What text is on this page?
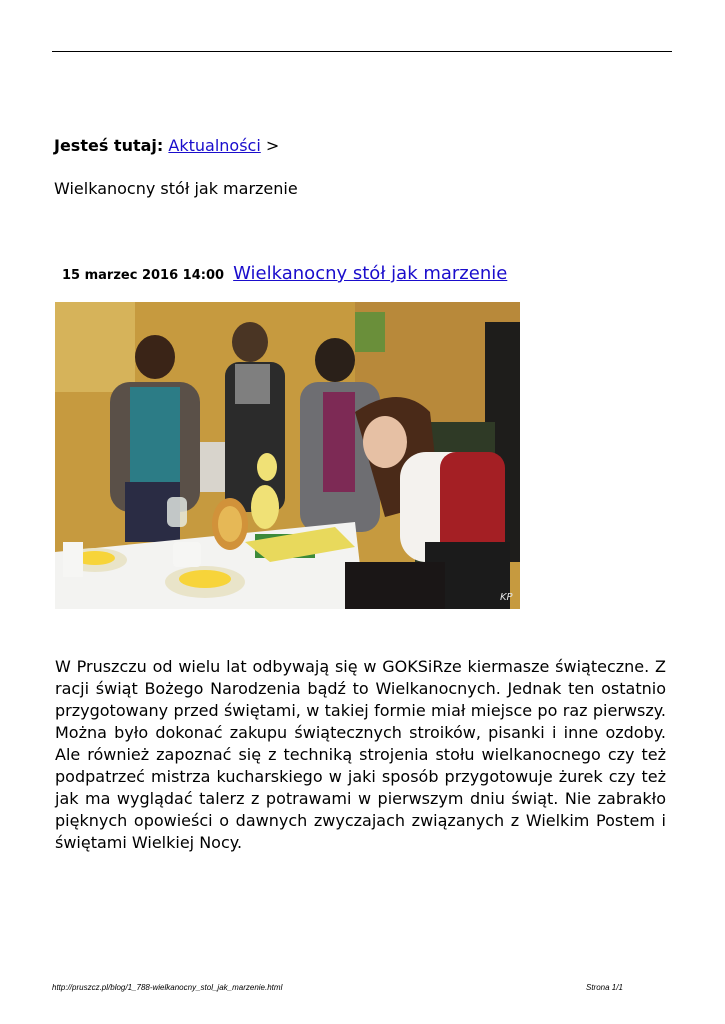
Jesteś tutaj: Aktualności >
Wielkanocny stół jak marzenie
15 marzec 2016 14:00 Wielkanocny stół jak marzenie
KP
W Pruszczu od wielu lat odbywają się w GOKSiRze kiermasze świąteczne. Z racji świąt Bożego Narodzenia bądź to Wielkanocnych. Jednak ten ostatnio przygotowany przed świętami, w takiej formie miał miejsce po raz pierwszy. Można było dokonać zakupu świątecznych stroików, pisanki i inne ozdoby. Ale również zapoznać się z techniką strojenia stołu wielkanocnego czy też podpatrzeć mistrza kucharskiego w jaki sposób przygotowuje żurek czy też jak ma wyglądać talerz z potrawami w pierwszym dniu świąt. Nie zabrakło pięknych opowieści o dawnych zwyczajach związanych z Wielkim Postem i świętami Wielkiej Nocy.
http://pruszcz.pl/blog/1_788-wielkanocny_stol_jak_marzenie.html	Strona 1/1
